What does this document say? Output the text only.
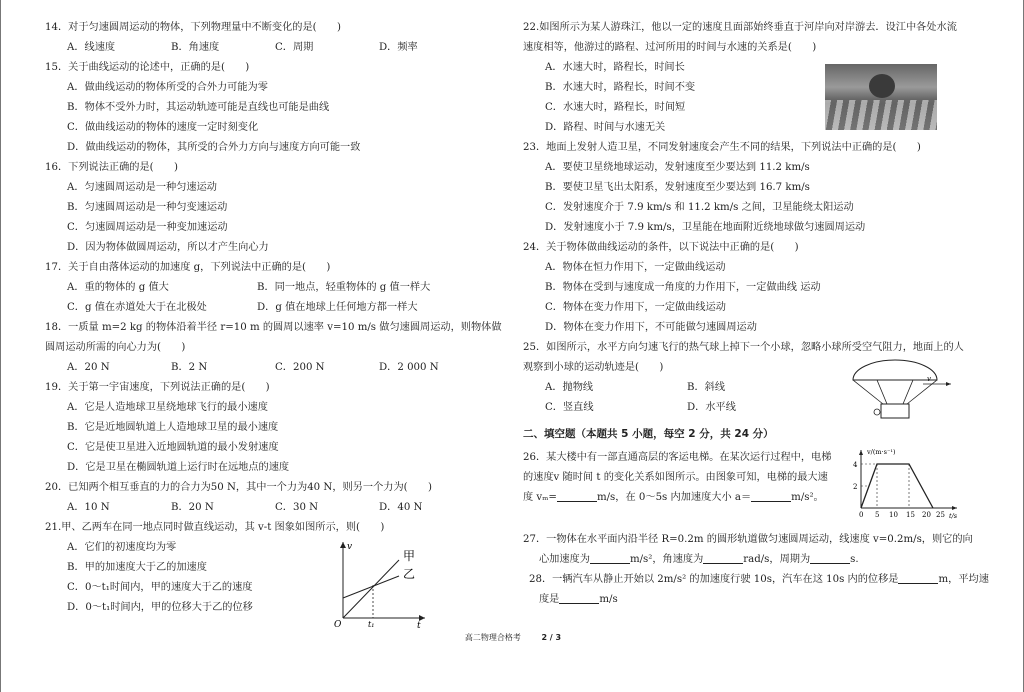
14．对于匀速圆周运动的物体，下列物理量中不断变化的是(　　)
A．线速度	B．角速度	C．周期	D．频率
15．关于曲线运动的论述中，正确的是(　　)
A．做曲线运动的物体所受的合外力可能为零
B．物体不受外力时，其运动轨迹可能是直线也可能是曲线
C．做曲线运动的物体的速度一定时刻变化
D．做曲线运动的物体，其所受的合外力方向与速度方向可能一致
16．下列说法正确的是(　　)
A．匀速圆周运动是一种匀速运动
B．匀速圆周运动是一种匀变速运动
C．匀速圆周运动是一种变加速运动
D．因为物体做圆周运动，所以才产生向心力
17．关于自由落体运动的加速度 g，下列说法中正确的是(　　)
A．重的物体的 g 值大	B．同一地点，轻重物体的 g 值一样大
C．g 值在赤道处大于在北极处	D．g 值在地球上任何地方都一样大
18．一质量 m=2 kg 的物体沿着半径 r=10 m 的圆周以速率 v=10 m/s 做匀速圆周运动，则物体做
圆周运动所需的向心力为(　　)
A．20 N	B．2 N	C．200 N	D．2 000 N
19．关于第一宇宙速度，下列说法正确的是(　　)
A．它是人造地球卫星绕地球飞行的最小速度
B．它是近地圆轨道上人造地球卫星的最小速度
C．它是使卫星进入近地圆轨道的最小发射速度
D．它是卫星在椭圆轨道上运行时在远地点的速度
20．已知两个相互垂直的力的合力为50 N，其中一个力为40 N，则另一个力为(　　)
A．10 N	B．20 N	C．30 N	D．40 N
21.甲、乙两车在同一地点同时做直线运动，其 v-t 图象如图所示，则(　　)
A．它们的初速度均为零
B．甲的加速度大于乙的加速度
C．0～t₁时间内，甲的速度大于乙的速度
D．0～t₁时间内，甲的位移大于乙的位移
v
t
O	t₁
甲
乙
22.如图所示为某人游珠江，他以一定的速度且面部始终垂直于河岸向对岸游去．设江中各处水流
速度相等，他游过的路程、过河所用的时间与水速的关系是(　　)
A．水速大时，路程长，时间长
B．水速大时，路程长，时间不变
C．水速大时，路程长，时间短
D．路程、时间与水速无关
23．地面上发射人造卫星，不同发射速度会产生不同的结果，下列说法中正确的是(　　)
A．要使卫星绕地球运动，发射速度至少要达到 11.2 km/s
B．要使卫星飞出太阳系，发射速度至少要达到 16.7 km/s
C．发射速度介于 7.9 km/s 和 11.2 km/s 之间，卫星能绕太阳运动
D．发射速度小于 7.9 km/s，卫星能在地面附近绕地球做匀速圆周运动
24．关于物体做曲线运动的条件，以下说法中正确的是(　　)
A．物体在恒力作用下，一定做曲线运动
B．物体在受到与速度成一角度的力作用下，一定做曲线 运动
C．物体在变力作用下，一定做曲线运动
D．物体在变力作用下，不可能做匀速圆周运动
25．如图所示，水平方向匀速飞行的热气球上掉下一个小球，忽略小球所受空气阻力，地面上的人
观察到小球的运动轨迹是(　　)
A．抛物线	B．斜线
C．竖直线	D．水平线
二、填空题（本题共 5 小题，每空 2 分，共 24 分）
26．某大楼中有一部直通高层的客运电梯。在某次运行过程中，电梯
的速度v 随时间 t 的变化关系如图所示。由图象可知，电梯的最大速
度 vₘ=	m/s，在 0～5s 内加速度大小 a＝	m/s²。
27．一物体在水平面内沿半径 R=0.2m 的圆形轨道做匀速圆周运动，线速度 v=0.2m/s，则它的向
心加速度为	m/s²，角速度为	rad/s，周期为	s.
28．一辆汽车从静止开始以 2m/s² 的加速度行驶 10s，汽车在这 10s 内的位移是	m，平均速
度是	m/s
v
v/(m·s⁻¹)
t/s
4
2
0 5 10 15 20 25
高二物理合格考	2 / 3
